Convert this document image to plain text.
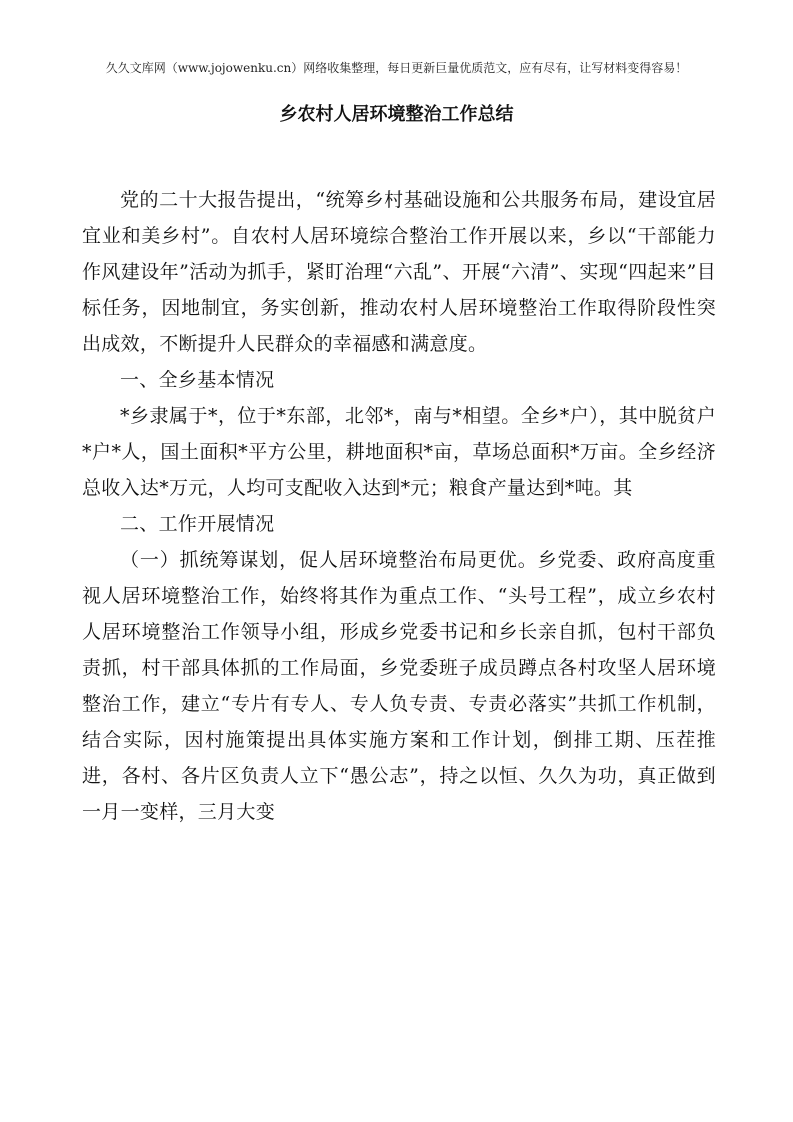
久久文库网（www.jojowenku.cn）网络收集整理，每日更新巨量优质范文，应有尽有，让写材料变得容易！
乡农村人居环境整治工作总结

党的二十大报告提出，“统筹乡村基础设施和公共服务布局，建设宜居宜业和美乡村”。自农村人居环境综合整治工作开展以来，乡以“干部能力作风建设年”活动为抓手，紧盯治理“六乱”、开展“六清”、实现“四起来”目标任务，因地制宜，务实创新，推动农村人居环境整治工作取得阶段性突出成效，不断提升人民群众的幸福感和满意度。

一、全乡基本情况

*乡隶属于*，位于*东部，北邻*，南与*相望。全乡*户），其中脱贫户*户*人，国土面积*平方公里，耕地面积*亩，草场总面积*万亩。全乡经济总收入达*万元，人均可支配收入达到*元；粮食产量达到*吨。其

二、工作开展情况

（一）抓统筹谋划，促人居环境整治布局更优。乡党委、政府高度重视人居环境整治工作，始终将其作为重点工作、“头号工程”，成立乡农村人居环境整治工作领导小组，形成乡党委书记和乡长亲自抓，包村干部负责抓，村干部具体抓的工作局面，乡党委班子成员蹲点各村攻坚人居环境整治工作，建立“专片有专人、专人负专责、专责必落实”共抓工作机制，结合实际，因村施策提出具体实施方案和工作计划，倒排工期、压茬推进，各村、各片区负责人立下“愚公志”，持之以恒、久久为功，真正做到一月一变样，三月大变
